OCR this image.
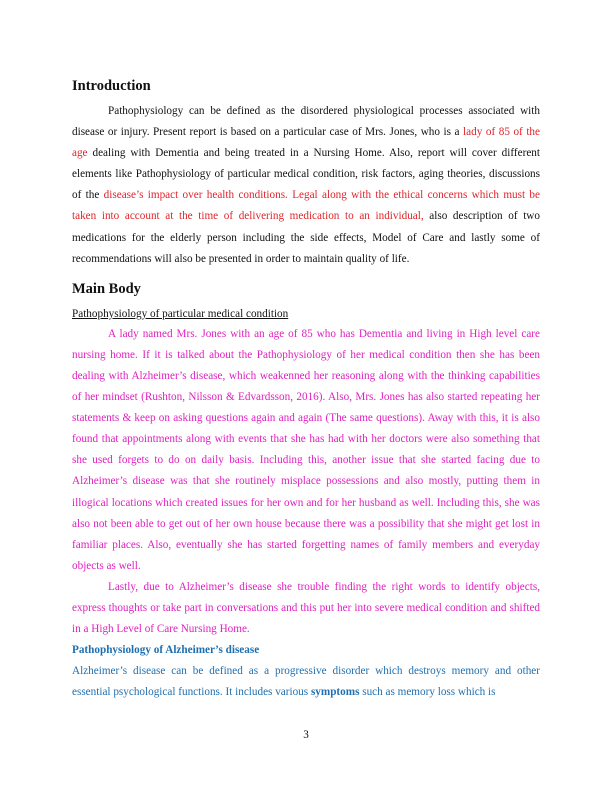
Introduction

Pathophysiology can be defined as the disordered physiological processes associated with disease or injury. Present report is based on a particular case of Mrs. Jones, who is a lady of 85 of the age dealing with Dementia and being treated in a Nursing Home. Also, report will cover different elements like Pathophysiology of particular medical condition, risk factors, aging theories, discussions of the disease’s impact over health conditions. Legal along with the ethical concerns which must be taken into account at the time of delivering medication to an individual, also description of two medications for the elderly person including the side effects, Model of Care and lastly some of recommendations will also be presented in order to maintain quality of life.

Main Body
Pathophysiology of particular medical condition

A lady named Mrs. Jones with an age of 85 who has Dementia and living in High level care nursing home. If it is talked about the Pathophysiology of her medical condition then she has been dealing with Alzheimer’s disease, which weakenned her reasoning along with the thinking capabilities of her mindset (Rushton, Nilsson & Edvardsson, 2016). Also, Mrs. Jones has also started repeating her statements & keep on asking questions again and again (The same questions). Away with this, it is also found that appointments along with events that she has had with her doctors were also something that she used forgets to do on daily basis. Including this, another issue that she started facing due to Alzheimer’s disease was that she routinely misplace possessions and also mostly, putting them in illogical locations which created issues for her own and for her husband as well. Including this, she was also not been able to get out of her own house because there was a possibility that she might get lost in familiar places. Also, eventually she has started forgetting names of family members and everyday objects as well.

Lastly, due to Alzheimer’s disease she trouble finding the right words to identify objects, express thoughts or take part in conversations and this put her into severe medical condition and shifted in a High Level of Care Nursing Home.

Pathophysiology of Alzheimer’s disease

Alzheimer’s disease can be defined as a progressive disorder which destroys memory and other essential psychological functions. It includes various symptoms such as memory loss which is

3
